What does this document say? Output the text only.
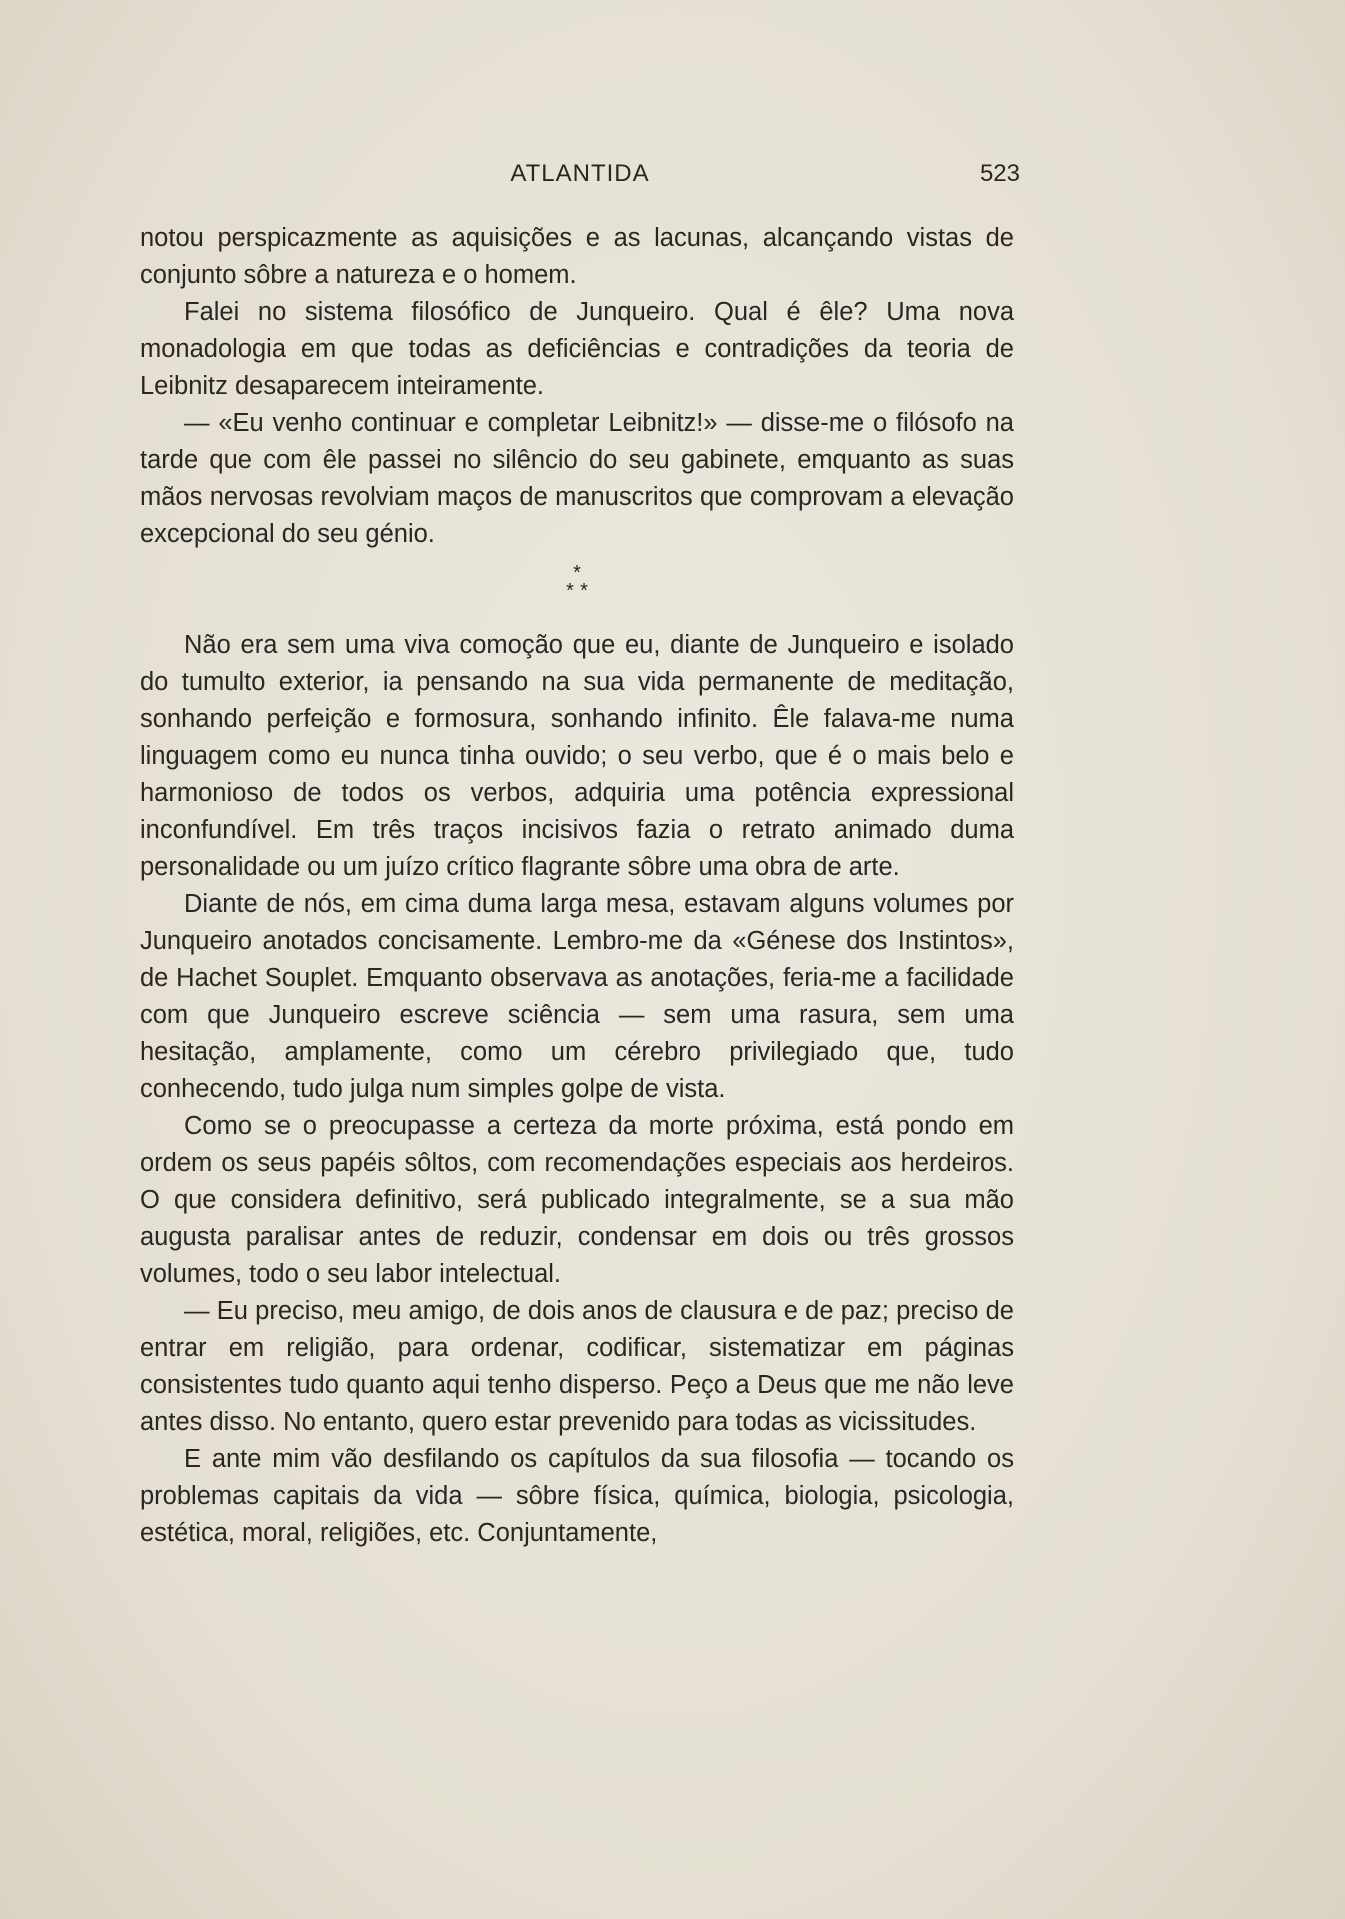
ATLANTIDA	523

notou perspicazmente as aquisições e as lacunas, alcançando vistas de conjunto sôbre a natureza e o homem.

Falei no sistema filosófico de Junqueiro. Qual é êle? Uma nova monadologia em que todas as deficiências e contradições da teoria de Leibnitz desaparecem inteiramente.

— «Eu venho continuar e completar Leibnitz!» — disse-me o filósofo na tarde que com êle passei no silêncio do seu gabinete, emquanto as suas mãos nervosas revolviam maços de manuscritos que comprovam a elevação excepcional do seu génio.

*
* *

Não era sem uma viva comoção que eu, diante de Junqueiro e isolado do tumulto exterior, ia pensando na sua vida permanente de meditação, sonhando perfeição e formosura, sonhando infinito. Êle falava-me numa linguagem como eu nunca tinha ouvido; o seu verbo, que é o mais belo e harmonioso de todos os verbos, adquiria uma potência expressional inconfundível. Em três traços incisivos fazia o retrato animado duma personalidade ou um juízo crítico flagrante sôbre uma obra de arte.

Diante de nós, em cima duma larga mesa, estavam alguns volumes por Junqueiro anotados concisamente. Lembro-me da «Génese dos Instintos», de Hachet Souplet. Emquanto observava as anotações, feria-me a facilidade com que Junqueiro escreve sciência — sem uma rasura, sem uma hesitação, amplamente, como um cérebro privilegiado que, tudo conhecendo, tudo julga num simples golpe de vista.

Como se o preocupasse a certeza da morte próxima, está pondo em ordem os seus papéis sôltos, com recomendações especiais aos herdeiros. O que considera definitivo, será publicado integralmente, se a sua mão augusta paralisar antes de reduzir, condensar em dois ou três grossos volumes, todo o seu labor intelectual.

— Eu preciso, meu amigo, de dois anos de clausura e de paz; preciso de entrar em religião, para ordenar, codificar, sistematizar em páginas consistentes tudo quanto aqui tenho disperso. Peço a Deus que me não leve antes disso. No entanto, quero estar prevenido para todas as vicissitudes.

E ante mim vão desfilando os capítulos da sua filosofia — tocando os problemas capitais da vida — sôbre física, química, biologia, psicologia, estética, moral, religiões, etc. Conjuntamente,
